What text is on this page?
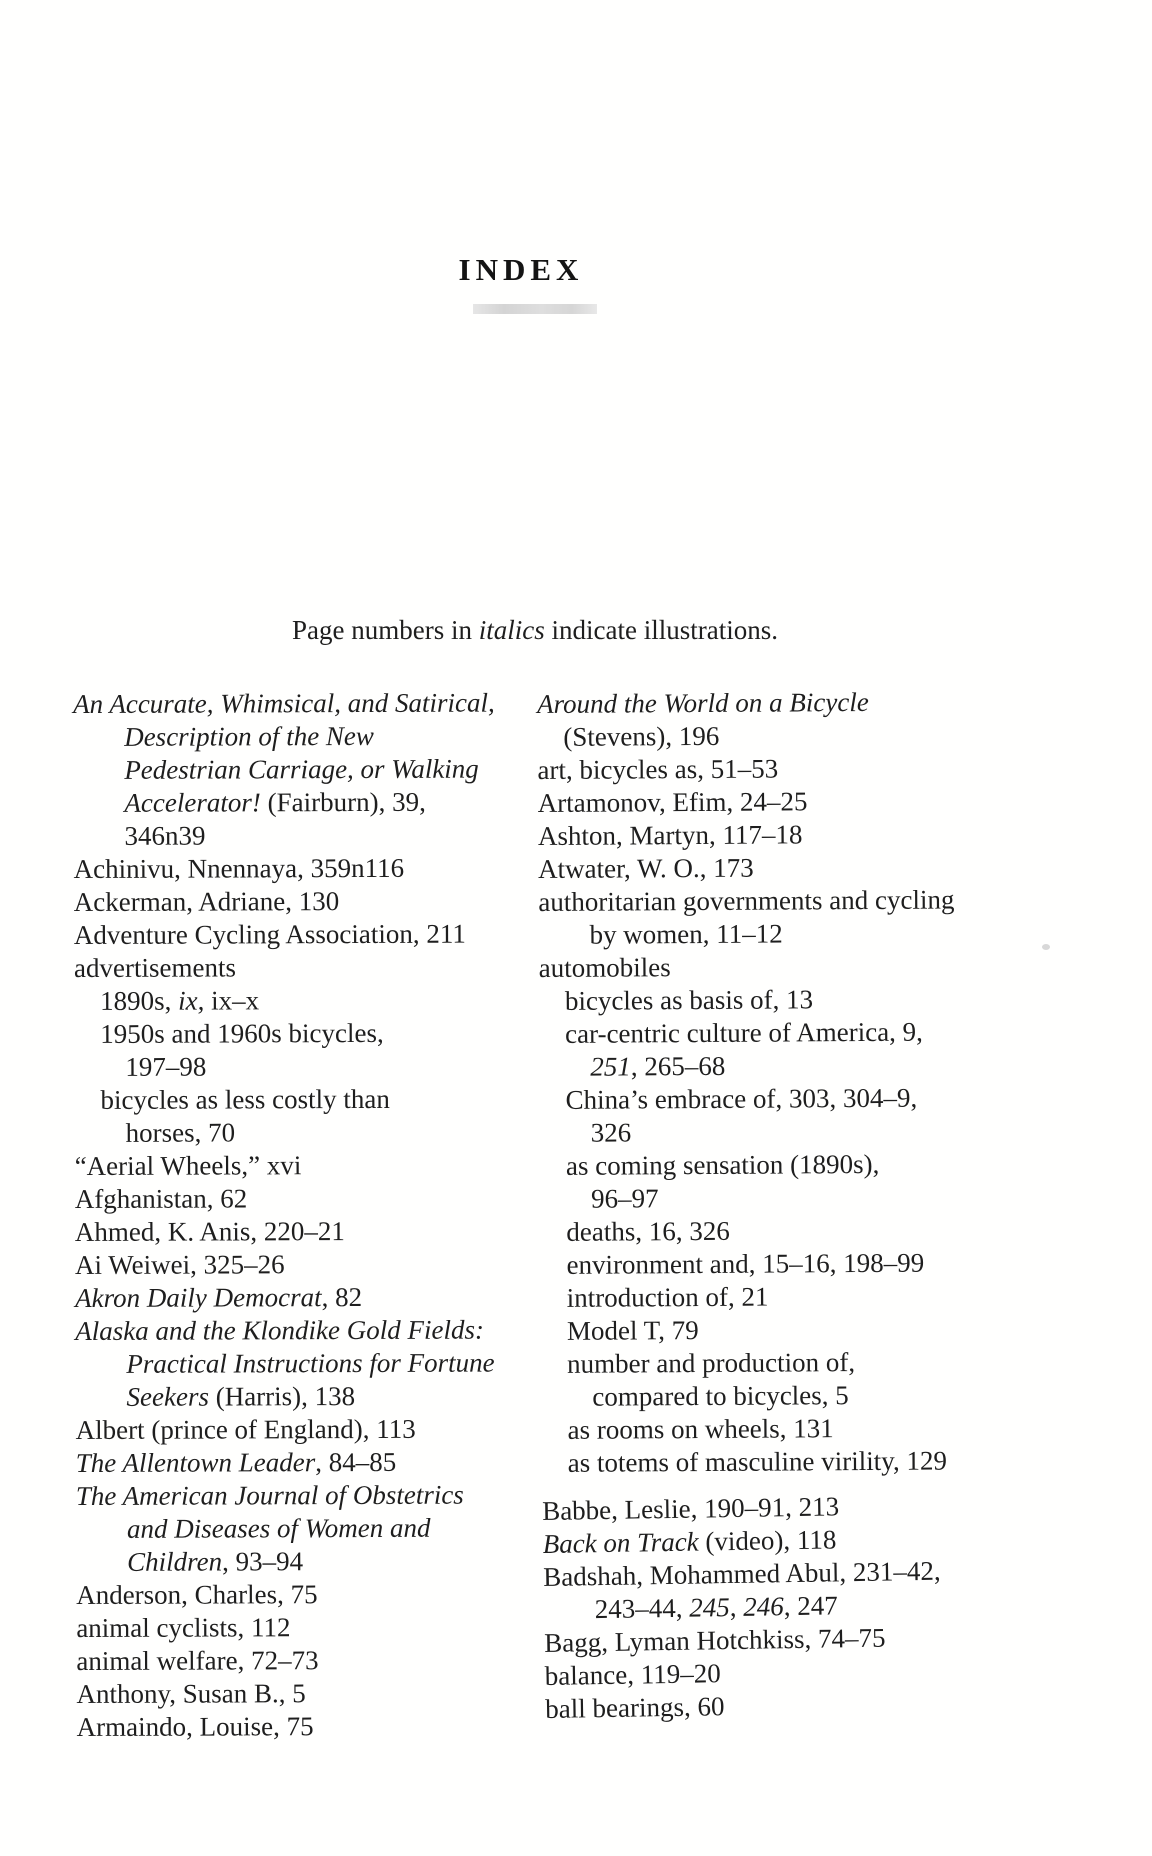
INDEX

Page numbers in italics indicate illustrations.

An Accurate, Whimsical, and Satirical,
Description of the New
Pedestrian Carriage, or Walking
Accelerator! (Fairburn), 39,
346n39
Achinivu, Nnennaya, 359n116
Ackerman, Adriane, 130
Adventure Cycling Association, 211
advertisements
1890s, ix, ix–x
1950s and 1960s bicycles,
197–98
bicycles as less costly than
horses, 70
“Aerial Wheels,” xvi
Afghanistan, 62
Ahmed, K. Anis, 220–21
Ai Weiwei, 325–26
Akron Daily Democrat, 82
Alaska and the Klondike Gold Fields:
Practical Instructions for Fortune
Seekers (Harris), 138
Albert (prince of England), 113
The Allentown Leader, 84–85
The American Journal of Obstetrics
and Diseases of Women and
Children, 93–94
Anderson, Charles, 75
animal cyclists, 112
animal welfare, 72–73
Anthony, Susan B., 5
Armaindo, Louise, 75
Around the World on a Bicycle
(Stevens), 196
art, bicycles as, 51–53
Artamonov, Efim, 24–25
Ashton, Martyn, 117–18
Atwater, W. O., 173
authoritarian governments and cycling
by women, 11–12
automobiles
bicycles as basis of, 13
car-centric culture of America, 9,
251, 265–68
China’s embrace of, 303, 304–9,
326
as coming sensation (1890s),
96–97
deaths, 16, 326
environment and, 15–16, 198–99
introduction of, 21
Model T, 79
number and production of,
compared to bicycles, 5
as rooms on wheels, 131
as totems of masculine virility, 129
Babbe, Leslie, 190–91, 213
Back on Track (video), 118
Badshah, Mohammed Abul, 231–42,
243–44, 245, 246, 247
Bagg, Lyman Hotchkiss, 74–75
balance, 119–20
ball bearings, 60
